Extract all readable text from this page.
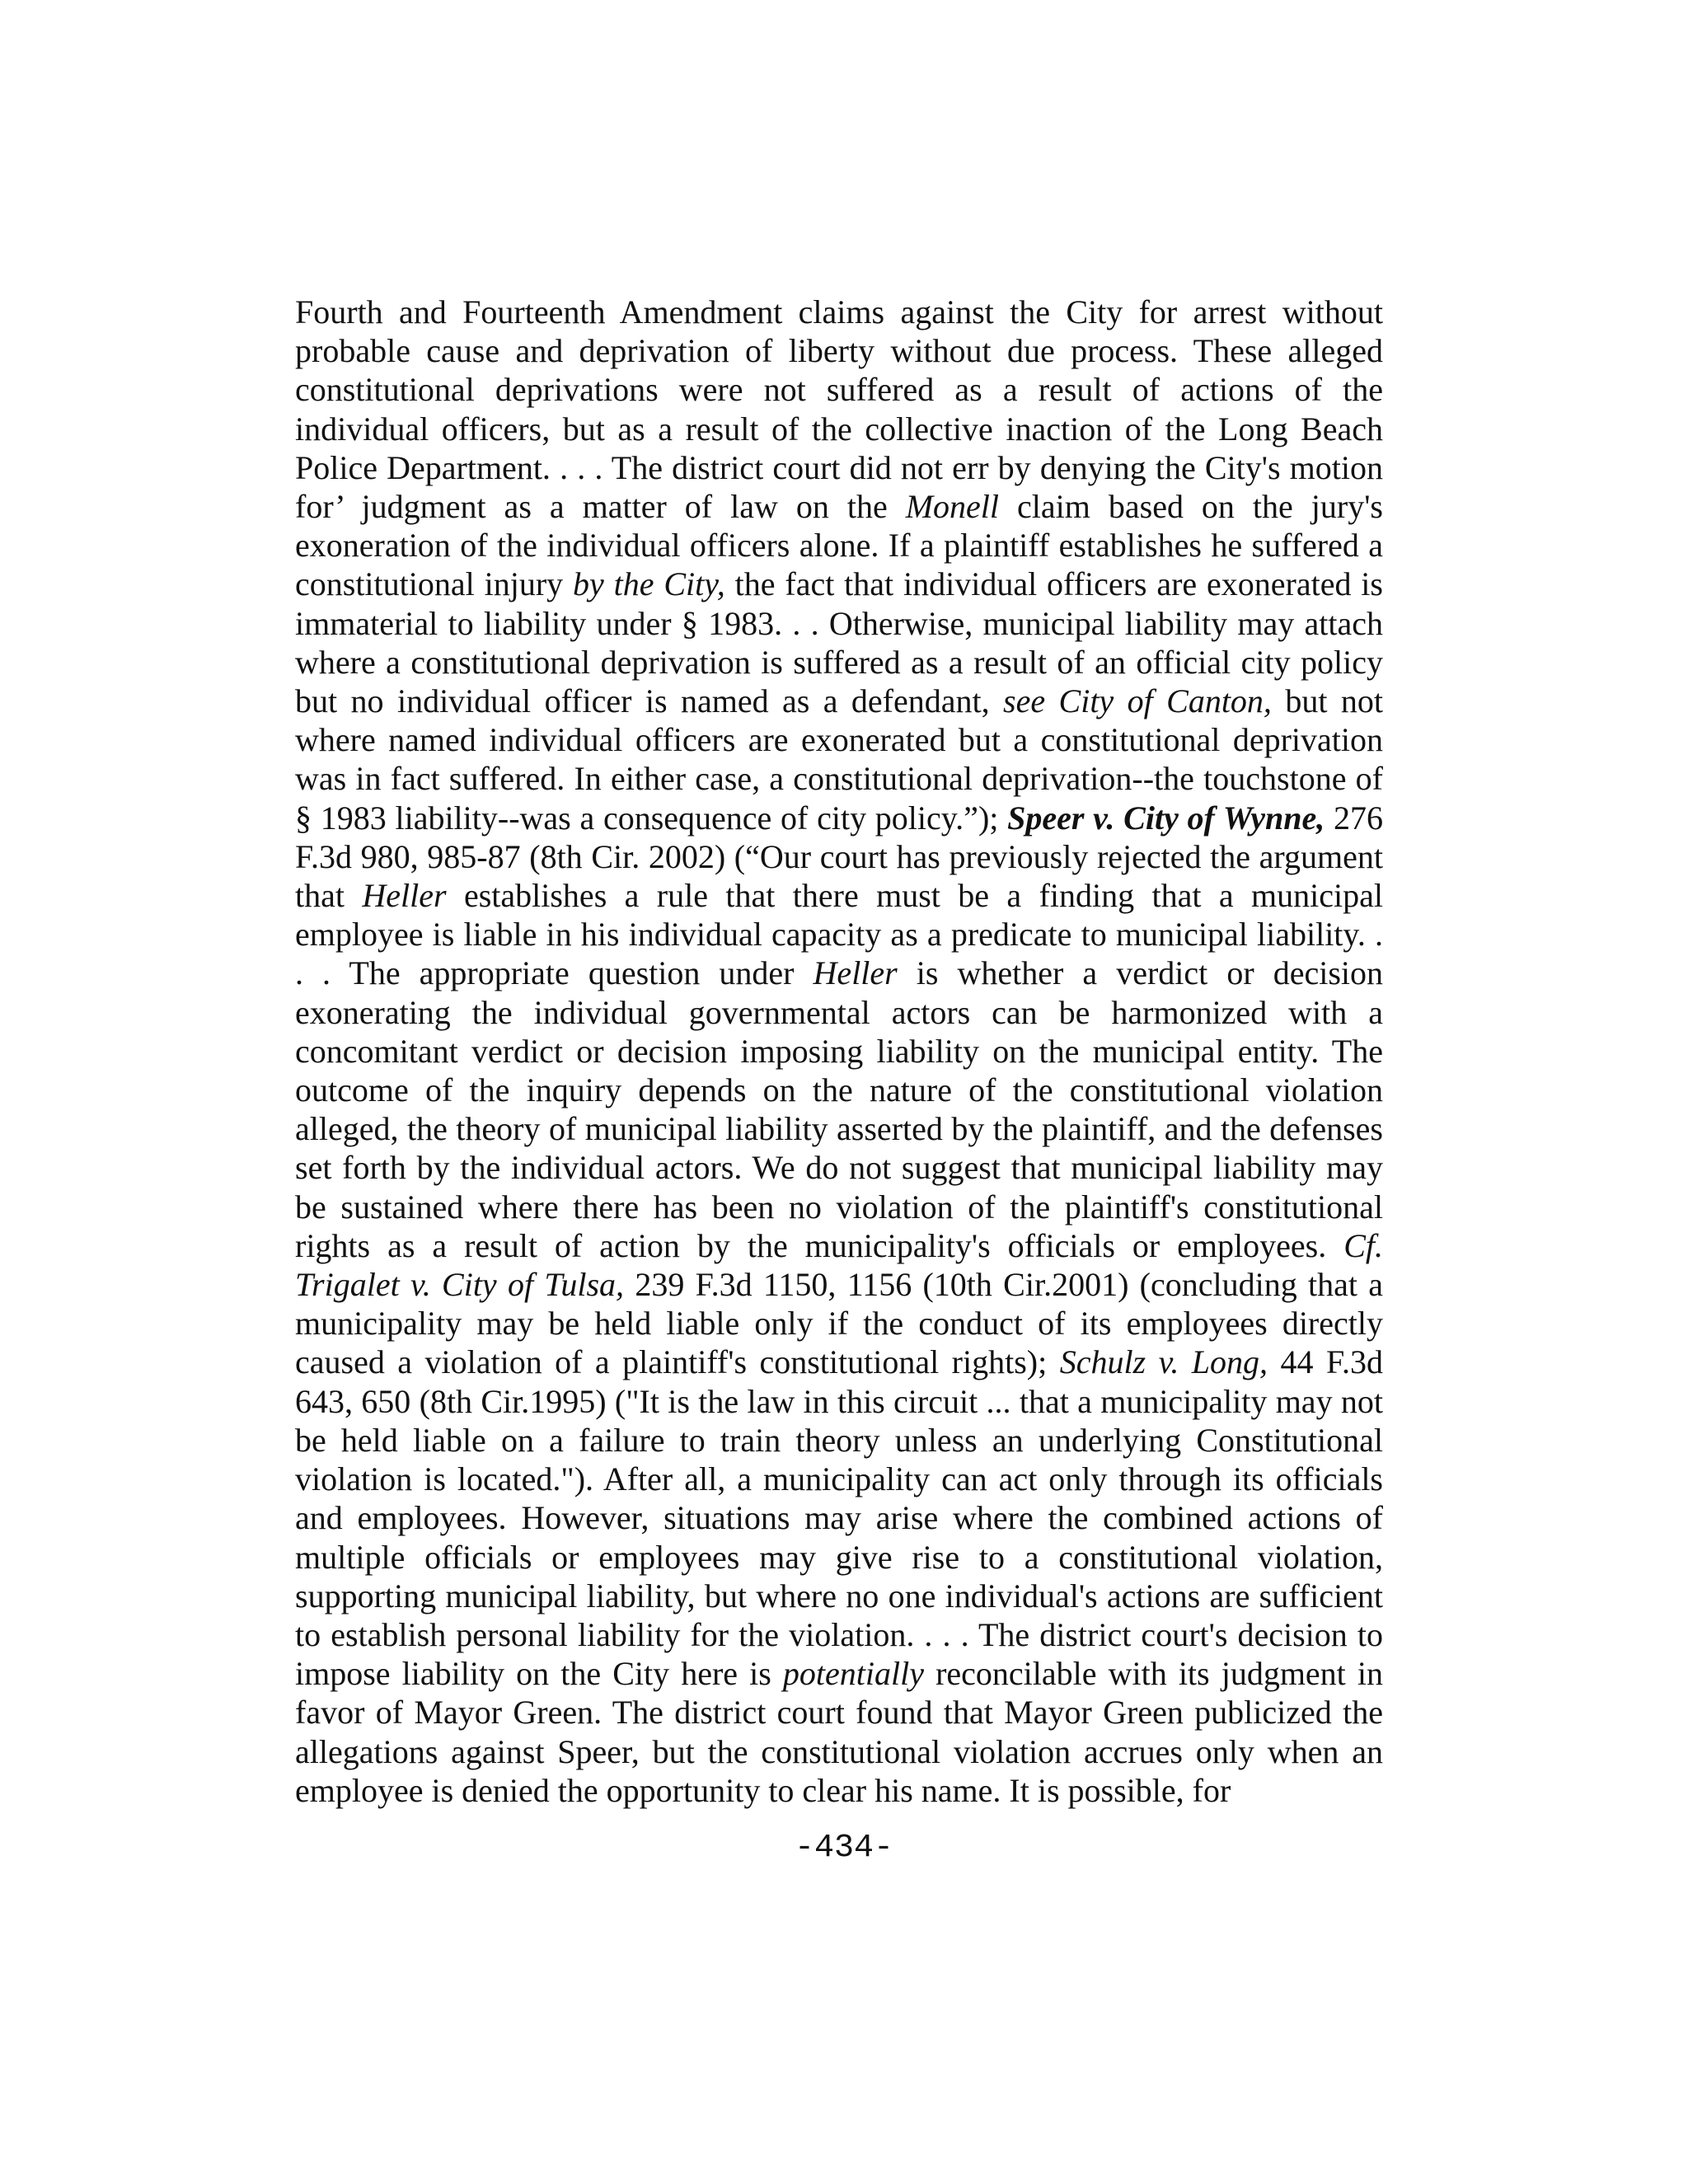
Fourth and Fourteenth Amendment claims against the City for arrest without probable cause and deprivation of liberty without due process. These alleged constitutional deprivations were not suffered as a result of actions of the individual officers, but as a result of the collective inaction of the Long Beach Police Department. . . . The district court did not err by denying the City's motion for’ judgment as a matter of law on the Monell claim based on the jury's exoneration of the individual officers alone. If a plaintiff establishes he suffered a constitutional injury by the City, the fact that individual officers are exonerated is immaterial to liability under § 1983. . . Otherwise, municipal liability may attach where a constitutional deprivation is suffered as a result of an official city policy but no individual officer is named as a defendant, see City of Canton, but not where named individual officers are exonerated but a constitutional deprivation was in fact suffered. In either case, a constitutional deprivation--the touchstone of § 1983 liability--was a consequence of city policy.”); Speer v. City of Wynne, 276 F.3d 980, 985-87 (8th Cir. 2002) (“Our court has previously rejected the argument that Heller establishes a rule that there must be a finding that a municipal employee is liable in his individual capacity as a predicate to municipal liability. . . . The appropriate question under Heller is whether a verdict or decision exonerating the individual governmental actors can be harmonized with a concomitant verdict or decision imposing liability on the municipal entity. The outcome of the inquiry depends on the nature of the constitutional violation alleged, the theory of municipal liability asserted by the plaintiff, and the defenses set forth by the individual actors. We do not suggest that municipal liability may be sustained where there has been no violation of the plaintiff's constitutional rights as a result of action by the municipality's officials or employees. Cf. Trigalet v. City of Tulsa, 239 F.3d 1150, 1156 (10th Cir.2001) (concluding that a municipality may be held liable only if the conduct of its employees directly caused a violation of a plaintiff's constitutional rights); Schulz v. Long, 44 F.3d 643, 650 (8th Cir.1995) ("It is the law in this circuit ... that a municipality may not be held liable on a failure to train theory unless an underlying Constitutional violation is located."). After all, a municipality can act only through its officials and employees. However, situations may arise where the combined actions of multiple officials or employees may give rise to a constitutional violation, supporting municipal liability, but where no one individual's actions are sufficient to establish personal liability for the violation. . . . The district court's decision to impose liability on the City here is potentially reconcilable with its judgment in favor of Mayor Green. The district court found that Mayor Green publicized the allegations against Speer, but the constitutional violation accrues only when an employee is denied the opportunity to clear his name. It is possible, for

-434-
